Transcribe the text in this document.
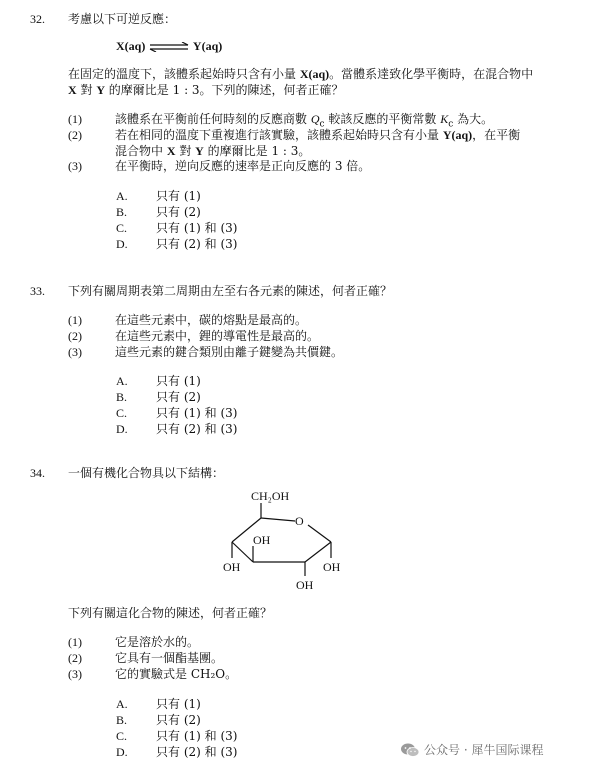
32. 考慮以下可逆反應：
X(aq) ⇌ Y(aq)
在固定的溫度下，該體系起始時只含有小量 X(aq)。當體系達致化學平衡時，在混合物中
X 對 Y 的摩爾比是 1 : 3。下列的陳述，何者正確？
(1)	該體系在平衡前任何時刻的反應商數 $Q_c$ 較該反應的平衡常數 $K_c$ 為大。
(2)	若在相同的溫度下重複進行該實驗，該體系起始時只含有小量 Y(aq)，在平衡
混合物中 X 對 Y 的摩爾比是 1 : 3。
(3)	在平衡時，逆向反應的速率是正向反應的 3 倍。
A. 只有 (1)
B. 只有 (2)
C. 只有 (1) 和 (3)
D. 只有 (2) 和 (3)
33. 下列有關周期表第二周期由左至右各元素的陳述，何者正確？
(1)	在這些元素中，碳的熔點是最高的。
(2)	在這些元素中，鋰的導電性是最高的。
(3)	這些元素的鍵合類別由離子鍵變為共價鍵。
A. 只有 (1)
B. 只有 (2)
C. 只有 (1) 和 (3)
D. 只有 (2) 和 (3)
34. 一個有機化合物具以下結構：
CH₂OH
O
OH
OH	OH
OH
下列有關這化合物的陳述，何者正確？
(1)	它是溶於水的。
(2)	它具有一個酯基團。
(3)	它的實驗式是 CH₂O。
A. 只有 (1)
B. 只有 (2)
C. 只有 (1) 和 (3)
D. 只有 (2) 和 (3)	公众号 · 犀牛国际课程
